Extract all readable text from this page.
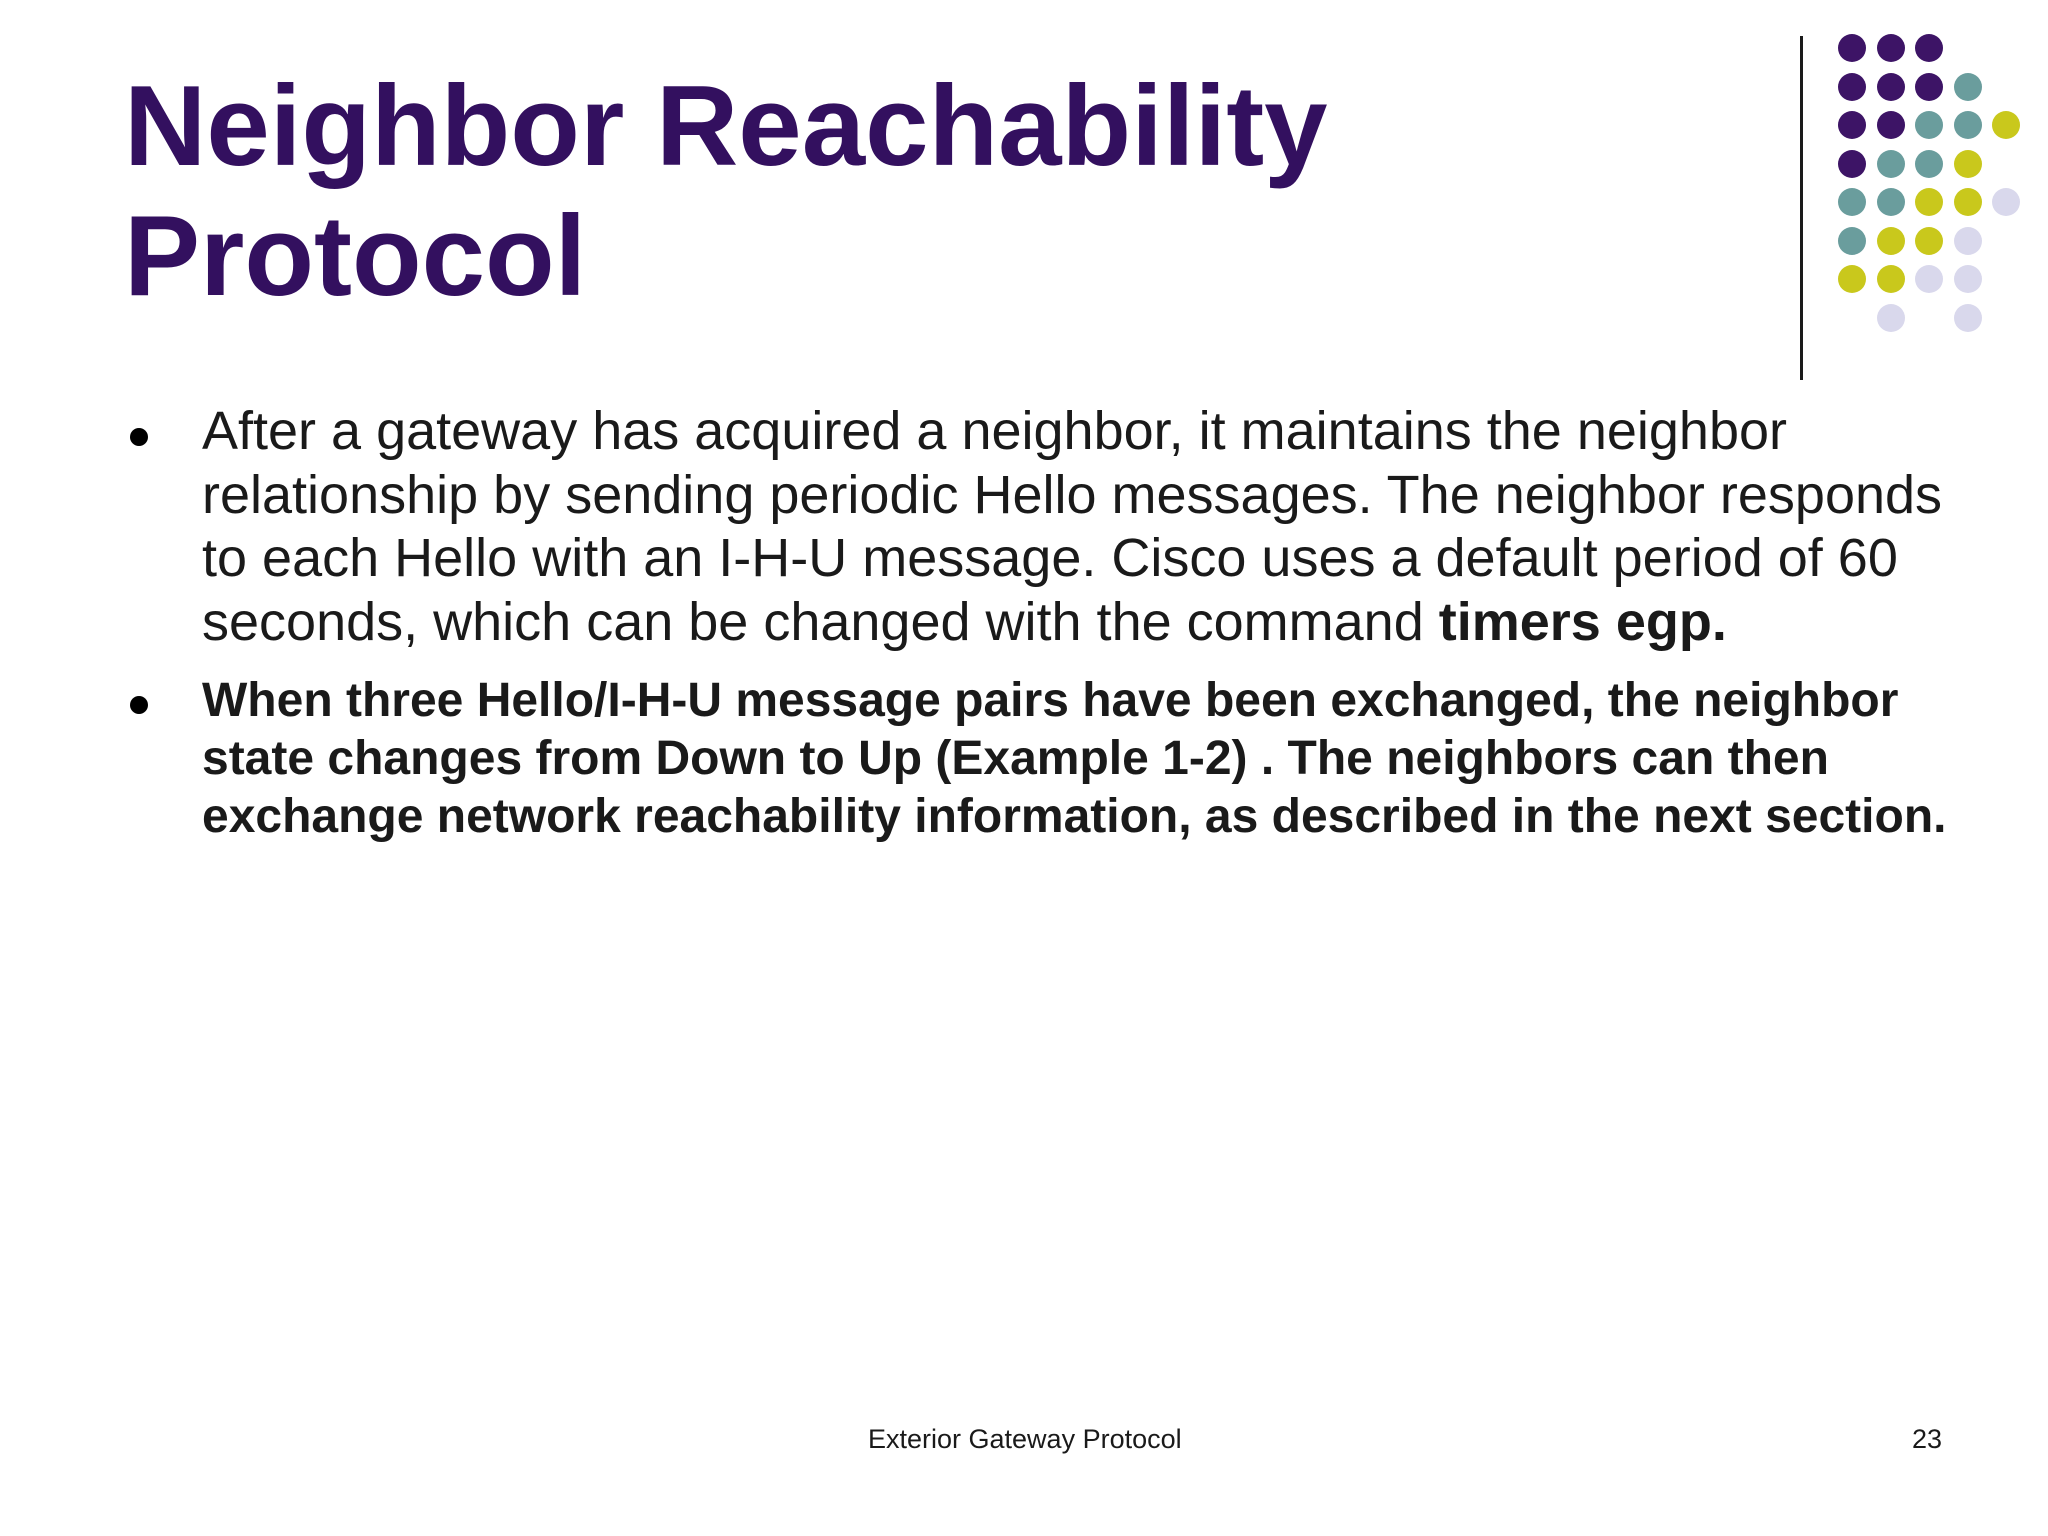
Neighbor Reachability
Protocol
After a gateway has acquired a neighbor, it maintains the neighbor relationship by sending periodic Hello messages. The neighbor responds to each Hello with an I-H-U message. Cisco uses a default period of 60 seconds, which can be changed with the command timers egp.
When three Hello/I-H-U message pairs have been exchanged, the neighbor state changes from Down to Up (Example 1-2) . The neighbors can then exchange network reachability information, as described in the next section.
Exterior Gateway Protocol	23
